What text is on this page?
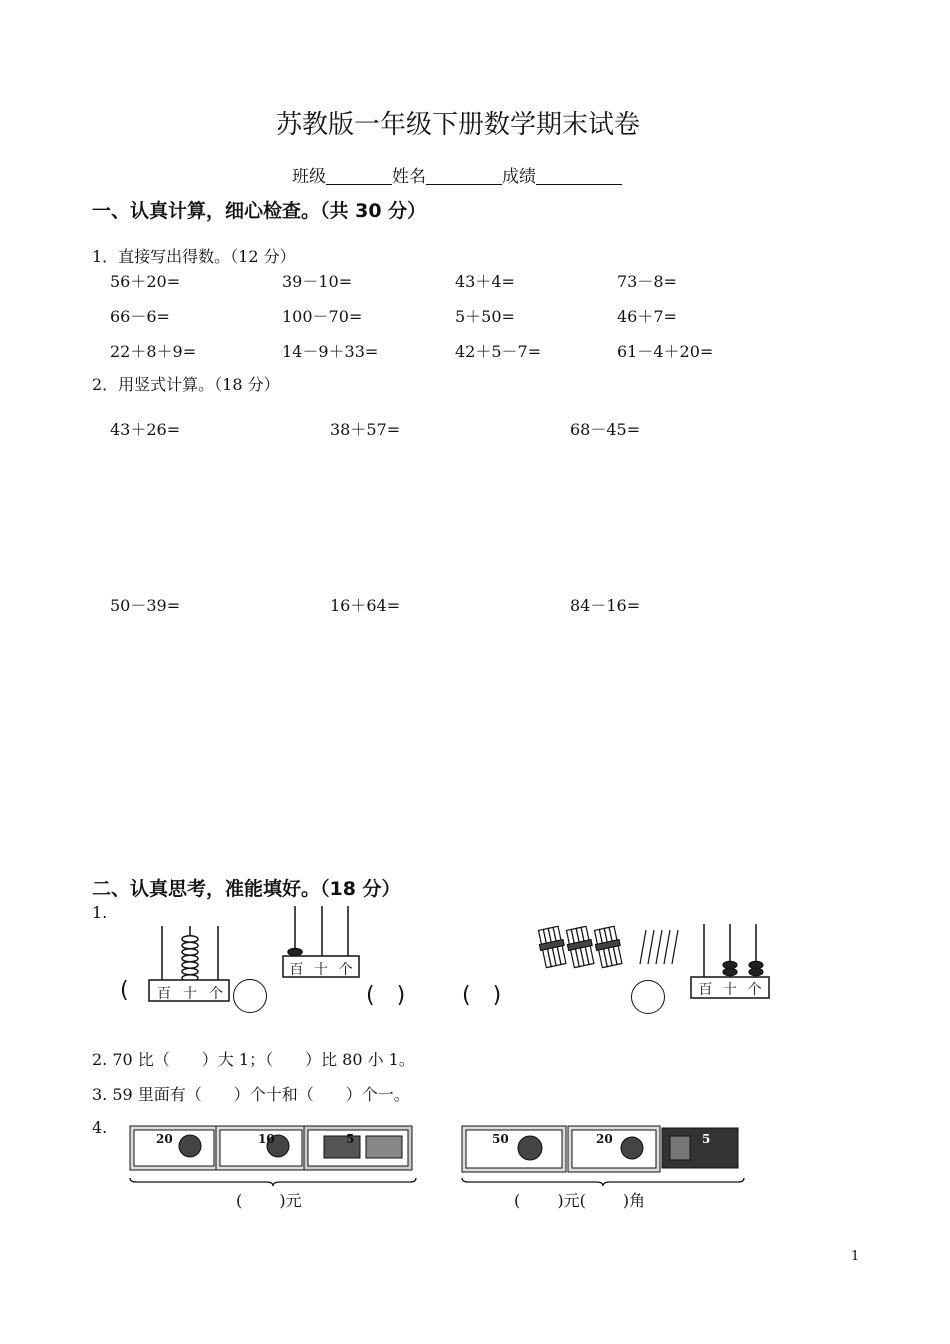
苏教版一年级下册数学期末试卷
班级	姓名	成绩
一、认真计算，细心检查。（共 30 分）
1．直接写出得数。（12 分）
56＋20=	39－10=	43＋4=	73－8=
66－6=	100－70=	5＋50=	46＋7=
22＋8＋9=	14－9＋33=	42＋5－7=	61－4＋20=
2．用竖式计算。（18 分）
43＋26=	38＋57=	68－45=
50－39=	16＋64=	84－16=
二、认真思考，准能填好。（18 分）
1.
百 十 个
(
百 十 个
(　)	(　)	百 十 个
2. 70 比（　　）大 1；（　　）比 80 小 1。
3. 59 里面有（　　）个十和（　　）个一。
4.
20	10	5
(　　 )元
50	20	5
(　　 )元(　　 )角
1
